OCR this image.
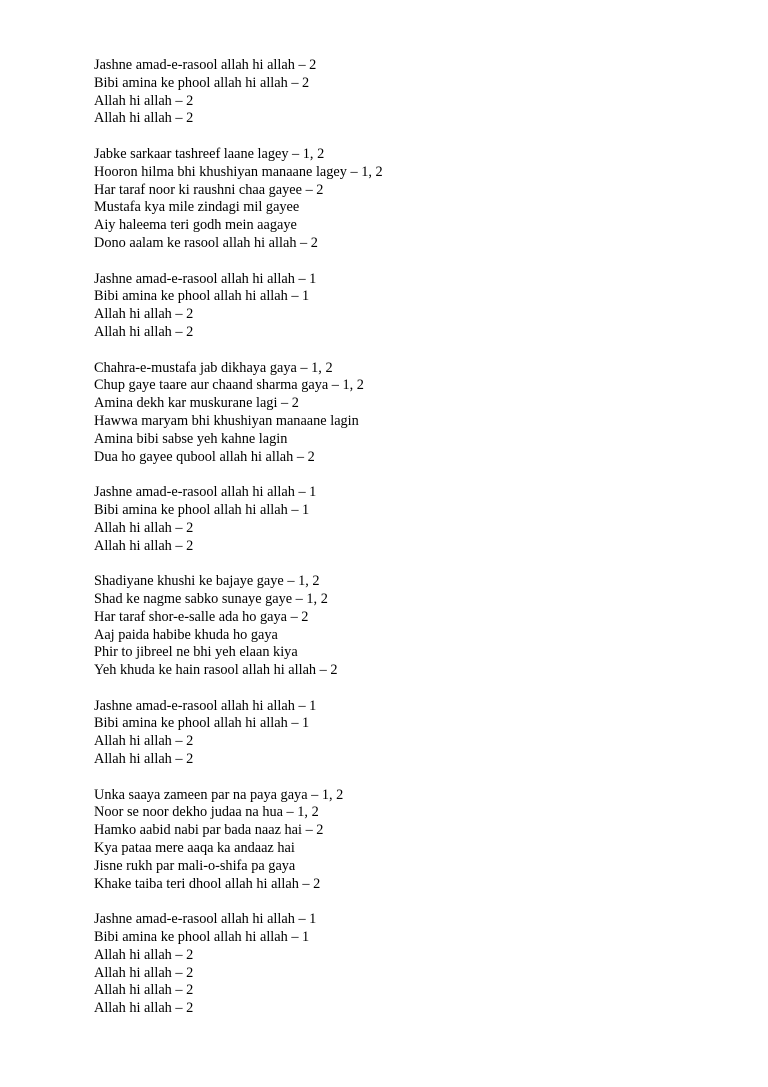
Jashne amad-e-rasool allah hi allah – 2
Bibi amina ke phool allah hi allah – 2
Allah hi allah – 2
Allah hi allah – 2
Jabke sarkaar tashreef laane lagey – 1, 2
Hooron hilma bhi khushiyan manaane lagey – 1, 2
Har taraf noor ki raushni chaa gayee – 2
Mustafa kya mile zindagi mil gayee
Aiy haleema teri godh mein aagaye
Dono aalam ke rasool allah hi allah – 2
Jashne amad-e-rasool allah hi allah – 1
Bibi amina ke phool allah hi allah – 1
Allah hi allah – 2
Allah hi allah – 2
Chahra-e-mustafa jab dikhaya gaya – 1, 2
Chup gaye taare aur chaand sharma gaya – 1, 2
Amina dekh kar muskurane lagi – 2
Hawwa maryam bhi khushiyan manaane lagin
Amina bibi sabse yeh kahne lagin
Dua ho gayee qubool allah hi allah – 2
Jashne amad-e-rasool allah hi allah – 1
Bibi amina ke phool allah hi allah – 1
Allah hi allah – 2
Allah hi allah – 2
Shadiyane khushi ke bajaye gaye – 1, 2
Shad ke nagme sabko sunaye gaye – 1, 2
Har taraf shor-e-salle ada ho gaya – 2
Aaj paida habibe khuda ho gaya
Phir to jibreel ne bhi yeh elaan kiya
Yeh khuda ke hain rasool allah hi allah – 2
Jashne amad-e-rasool allah hi allah – 1
Bibi amina ke phool allah hi allah – 1
Allah hi allah – 2
Allah hi allah – 2
Unka saaya zameen par na paya gaya – 1, 2
Noor se noor dekho judaa na hua – 1, 2
Hamko aabid nabi par bada naaz hai – 2
Kya pataa mere aaqa ka andaaz hai
Jisne rukh par mali-o-shifa pa gaya
Khake taiba teri dhool allah hi allah – 2
Jashne amad-e-rasool allah hi allah – 1
Bibi amina ke phool allah hi allah – 1
Allah hi allah – 2
Allah hi allah – 2
Allah hi allah – 2
Allah hi allah – 2
